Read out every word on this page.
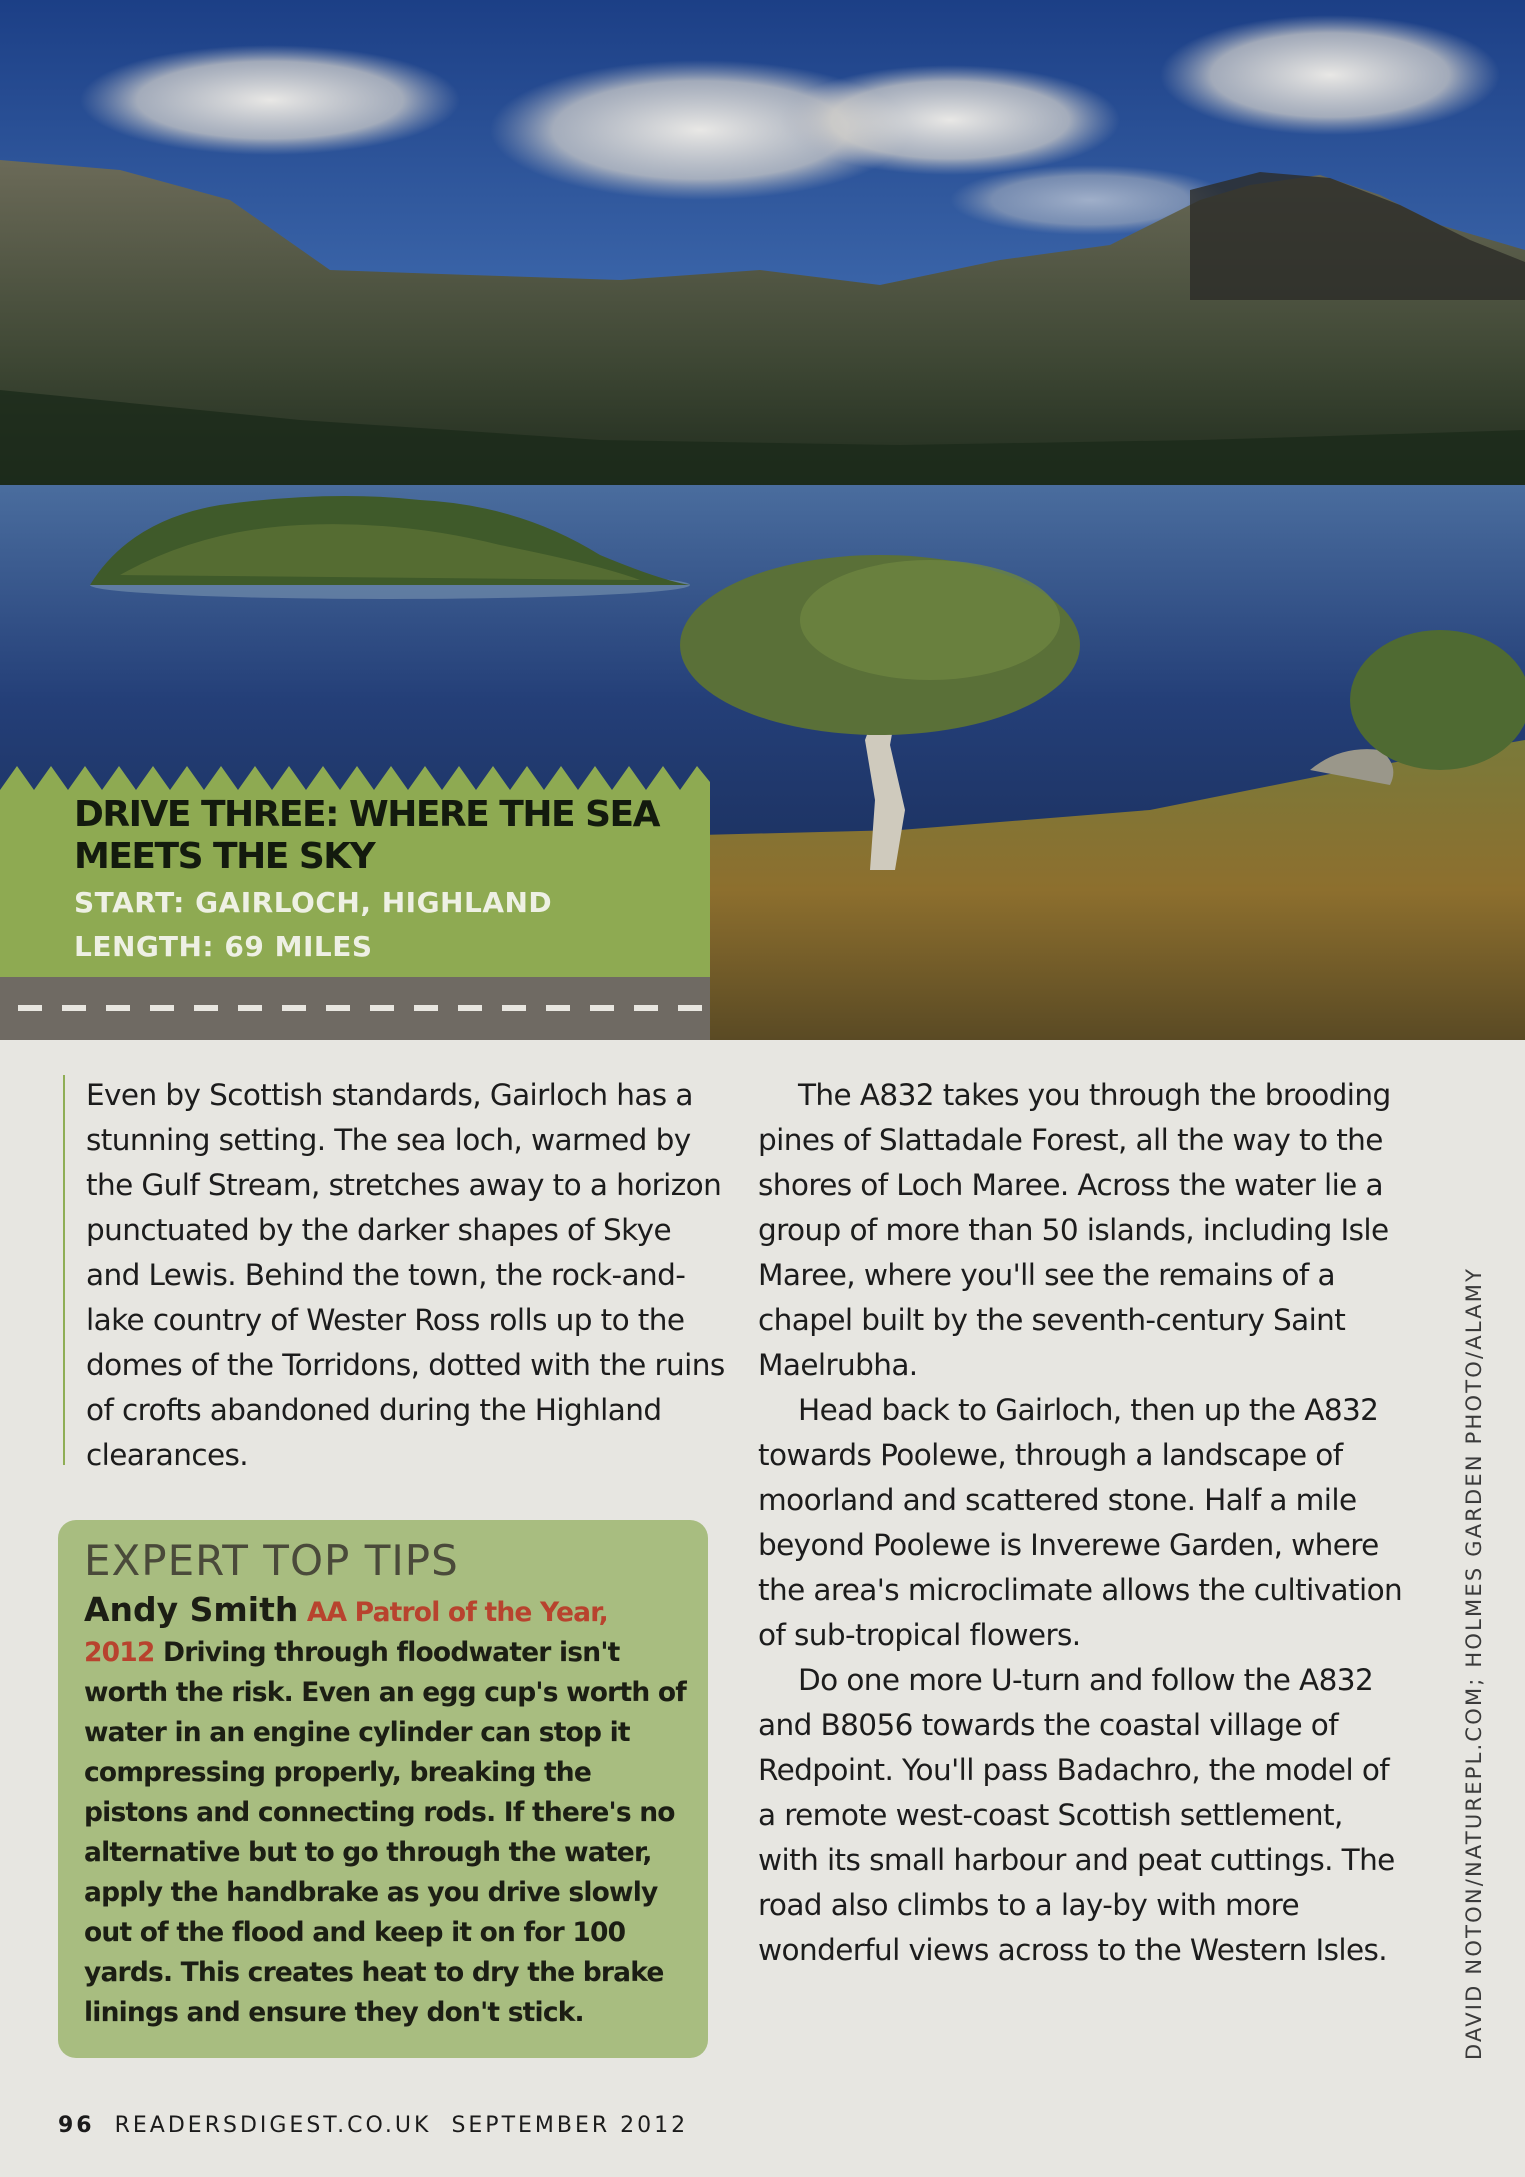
DRIVE THREE: WHERE THE SEA MEETS THE SKY
START: GAIRLOCH, HIGHLAND
LENGTH: 69 MILES

Even by Scottish standards, Gairloch has a stunning setting. The sea loch, warmed by the Gulf Stream, stretches away to a horizon punctuated by the darker shapes of Skye and Lewis. Behind the town, the rock-and-lake country of Wester Ross rolls up to the domes of the Torridons, dotted with the ruins of crofts abandoned during the Highland clearances.

The A832 takes you through the brooding pines of Slattadale Forest, all the way to the shores of Loch Maree. Across the water lie a group of more than 50 islands, including Isle Maree, where you'll see the remains of a chapel built by the seventh-century Saint Maelrubha.

Head back to Gairloch, then up the A832 towards Poolewe, through a landscape of moorland and scattered stone. Half a mile beyond Poolewe is Inverewe Garden, where the area's microclimate allows the cultivation of sub-tropical flowers.

Do one more U-turn and follow the A832 and B8056 towards the coastal village of Redpoint. You'll pass Badachro, the model of a remote west-coast Scottish settlement, with its small harbour and peat cuttings. The road also climbs to a lay-by with more wonderful views across to the Western Isles.

EXPERT TOP TIPS

Andy Smith AA Patrol of the Year, 2012 Driving through floodwater isn't worth the risk. Even an egg cup's worth of water in an engine cylinder can stop it compressing properly, breaking the pistons and connecting rods. If there's no alternative but to go through the water, apply the handbrake as you drive slowly out of the flood and keep it on for 100 yards. This creates heat to dry the brake linings and ensure they don't stick.	DAVID NOTON/NATUREPL.COM; HOLMES GARDEN PHOTO/ALAMY
96 READERSDIGEST.CO.UK SEPTEMBER 2012
